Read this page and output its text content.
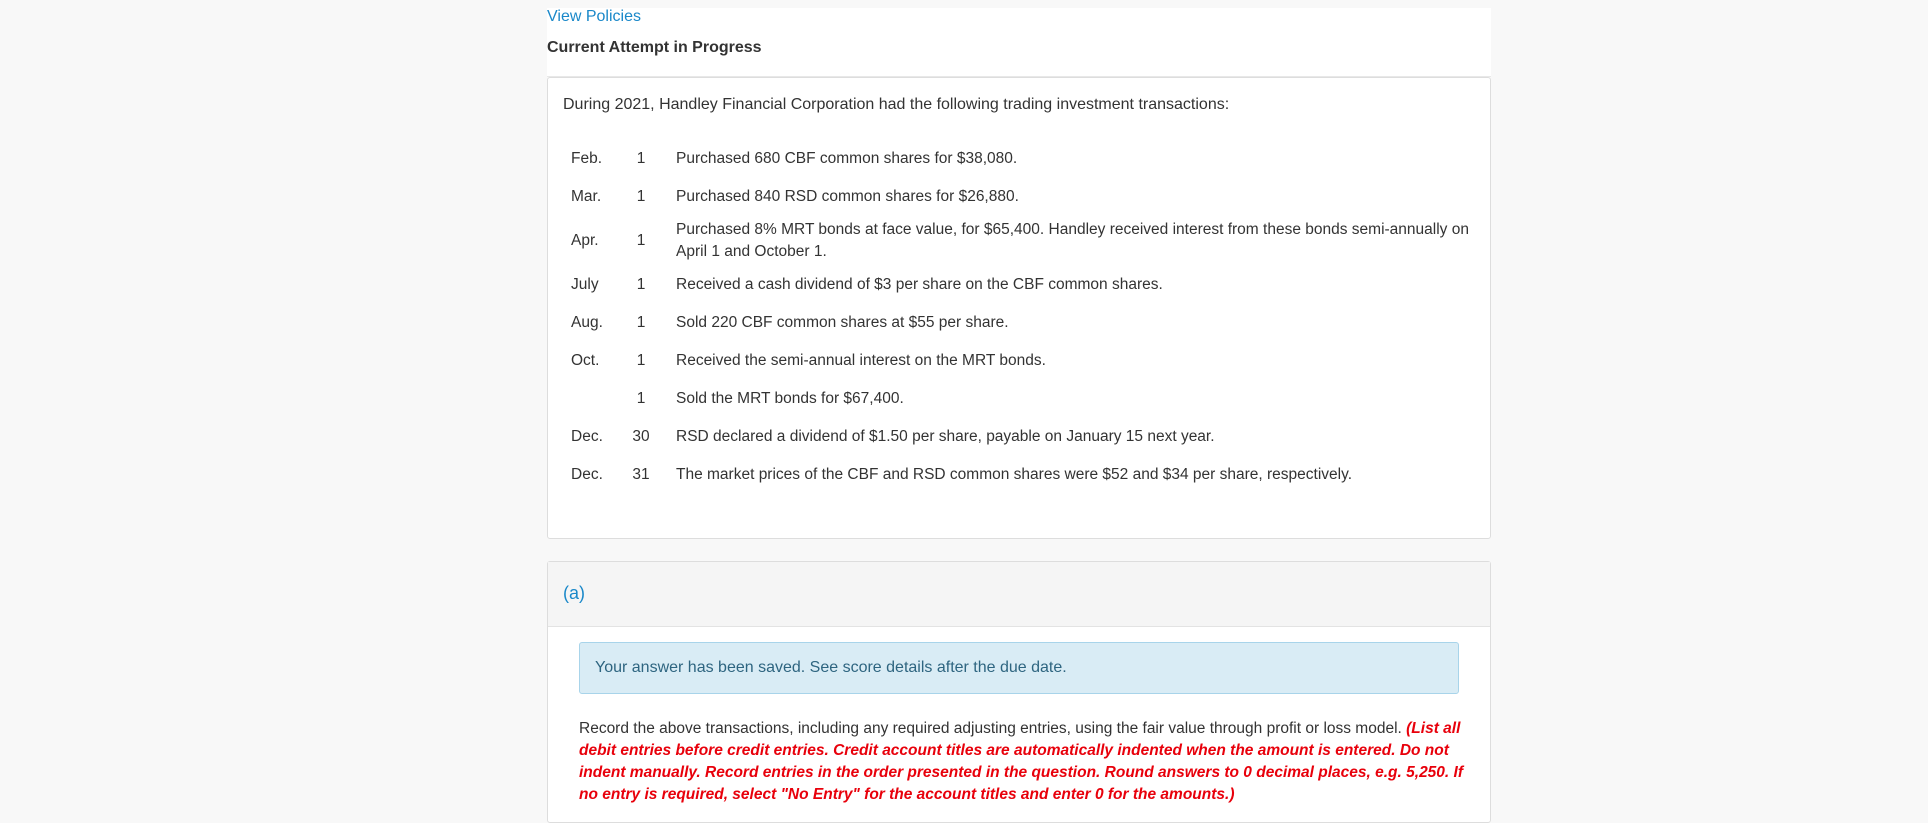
View Policies
Current Attempt in Progress
During 2021, Handley Financial Corporation had the following trading investment transactions:
Feb.	1	Purchased 680 CBF common shares for $38,080.
Mar.	1	Purchased 840 RSD common shares for $26,880.
Apr.	1	Purchased 8% MRT bonds at face value, for $65,400. Handley received interest from these bonds semi-annually on April 1 and October 1.
July	1	Received a cash dividend of $3 per share on the CBF common shares.
Aug.	1	Sold 220 CBF common shares at $55 per share.
Oct.	1	Received the semi-annual interest on the MRT bonds.
	1	Sold the MRT bonds for $67,400.
Dec.	30	RSD declared a dividend of $1.50 per share, payable on January 15 next year.
Dec.	31	The market prices of the CBF and RSD common shares were $52 and $34 per share, respectively.
(a)
Your answer has been saved. See score details after the due date.
Record the above transactions, including any required adjusting entries, using the fair value through profit or loss model. (List all debit entries before credit entries. Credit account titles are automatically indented when the amount is entered. Do not indent manually. Record entries in the order presented in the question. Round answers to 0 decimal places, e.g. 5,250. If no entry is required, select "No Entry" for the account titles and enter 0 for the amounts.)
